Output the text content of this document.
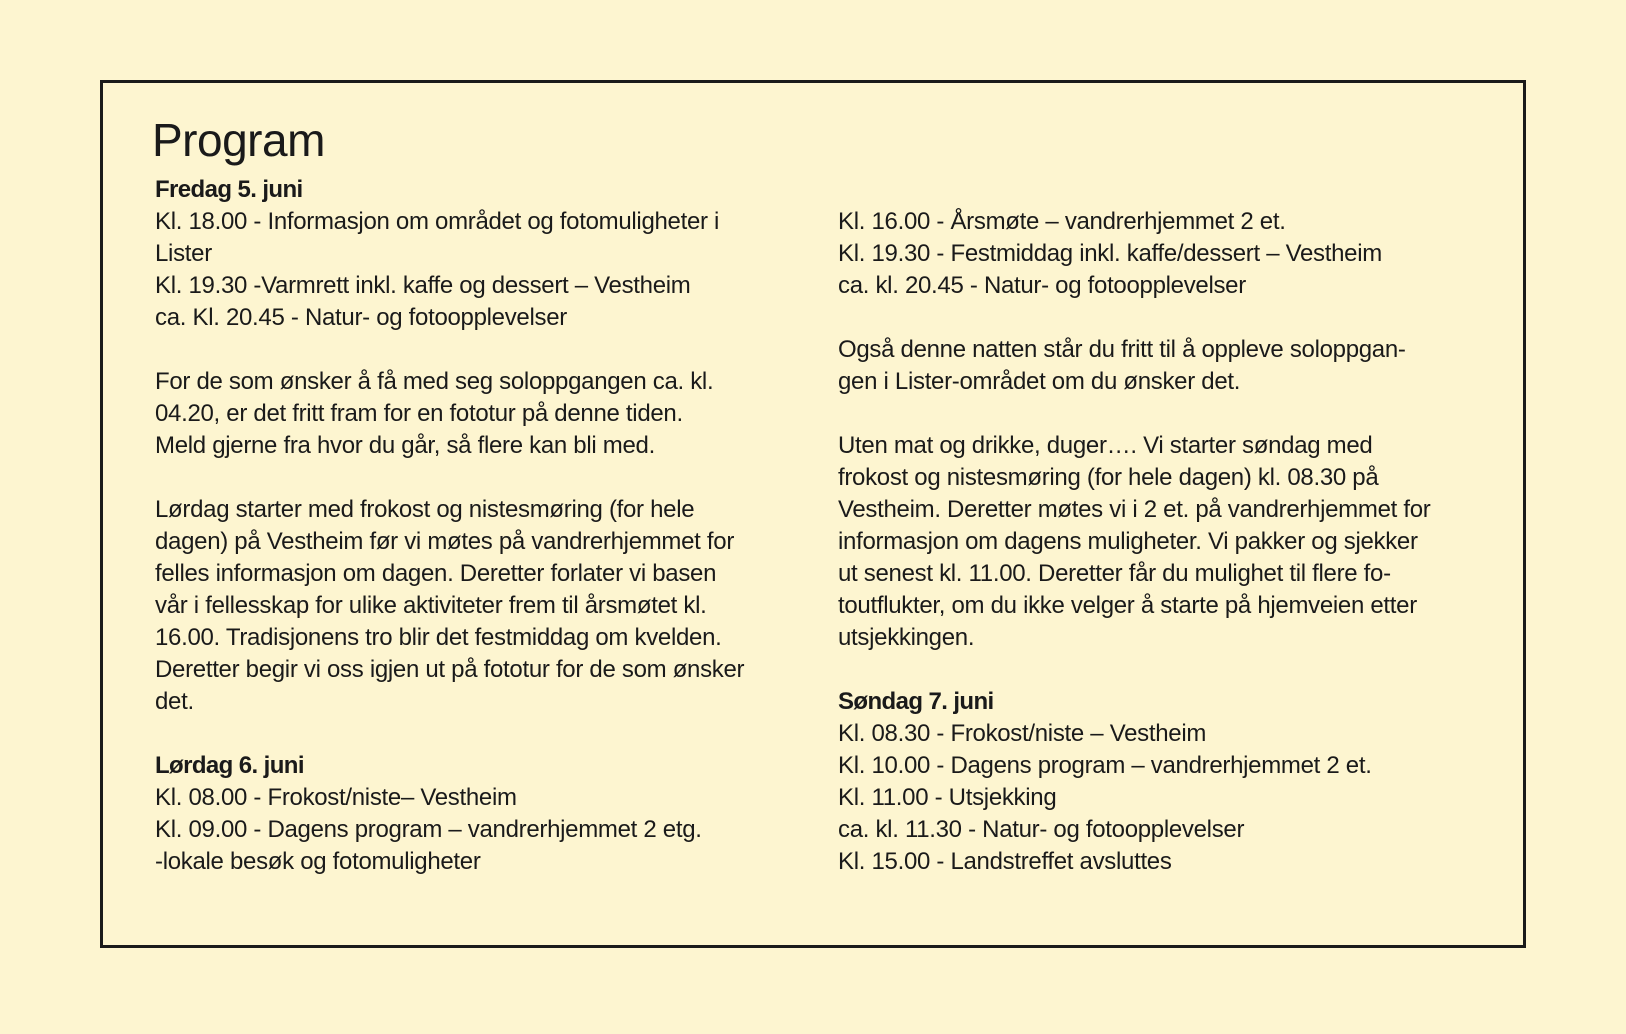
Program
Fredag 5. juni
Kl. 18.00 - Informasjon om området og fotomuligheter i
Lister
Kl. 19.30 -Varmrett inkl. kaffe og dessert – Vestheim
ca. Kl. 20.45 - Natur- og fotoopplevelser
For de som ønsker å få med seg soloppgangen ca. kl.
04.20, er det fritt fram for en fototur på denne tiden.
Meld gjerne fra hvor du går, så flere kan bli med.
Lørdag starter med frokost og nistesmøring (for hele
dagen) på Vestheim før vi møtes på vandrerhjemmet for
felles informasjon om dagen. Deretter forlater vi basen
vår i fellesskap for ulike aktiviteter frem til årsmøtet kl.
16.00. Tradisjonens tro blir det festmiddag om kvelden.
Deretter begir vi oss igjen ut på fototur for de som ønsker
det.
Lørdag 6. juni
Kl. 08.00 - Frokost/niste– Vestheim
Kl. 09.00 - Dagens program – vandrerhjemmet 2 etg.
-lokale besøk og fotomuligheter
Kl. 16.00 - Årsmøte – vandrerhjemmet 2 et.
Kl. 19.30 - Festmiddag inkl. kaffe/dessert – Vestheim
ca. kl. 20.45 - Natur- og fotoopplevelser
Også denne natten står du fritt til å oppleve soloppgan-
gen i Lister-området om du ønsker det.
Uten mat og drikke, duger…. Vi starter søndag med
frokost og nistesmøring (for hele dagen) kl. 08.30 på
Vestheim. Deretter møtes vi i 2 et. på vandrerhjemmet for
informasjon om dagens muligheter. Vi pakker og sjekker
ut senest kl. 11.00. Deretter får du mulighet til flere fo-
toutflukter, om du ikke velger å starte på hjemveien etter
utsjekkingen.
Søndag 7. juni
Kl. 08.30 - Frokost/niste – Vestheim
Kl. 10.00 - Dagens program – vandrerhjemmet 2 et.
Kl. 11.00 - Utsjekking
ca. kl. 11.30 - Natur- og fotoopplevelser
Kl. 15.00 - Landstreffet avsluttes
